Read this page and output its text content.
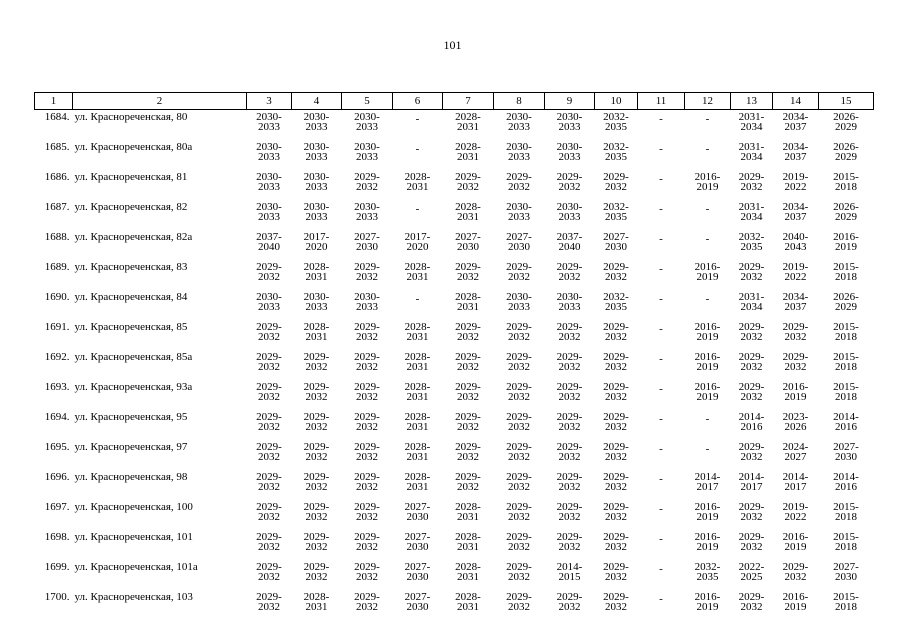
101
1	2	3	4	5	6	7	8	9	10	11	12	13	14	15
1684.	ул. Краснореченская, 80	2030-
2033	2030-
2033	2030-
2033	-	2028-
2031	2030-
2033	2030-
2033	2032-
2035	-	-	2031-
2034	2034-
2037	2026-
2029

1685.	ул. Краснореченская, 80а	2030-
2033	2030-
2033	2030-
2033	-	2028-
2031	2030-
2033	2030-
2033	2032-
2035	-	-	2031-
2034	2034-
2037	2026-
2029

1686.	ул. Краснореченская, 81	2030-
2033	2030-
2033	2029-
2032	2028-
2031	2029-
2032	2029-
2032	2029-
2032	2029-
2032	-	2016-
2019	2029-
2032	2019-
2022	2015-
2018

1687.	ул. Краснореченская, 82	2030-
2033	2030-
2033	2030-
2033	-	2028-
2031	2030-
2033	2030-
2033	2032-
2035	-	-	2031-
2034	2034-
2037	2026-
2029

1688.	ул. Краснореченская, 82а	2037-
2040	2017-
2020	2027-
2030	2017-
2020	2027-
2030	2027-
2030	2037-
2040	2027-
2030	-	-	2032-
2035	2040-
2043	2016-
2019

1689.	ул. Краснореченская, 83	2029-
2032	2028-
2031	2029-
2032	2028-
2031	2029-
2032	2029-
2032	2029-
2032	2029-
2032	-	2016-
2019	2029-
2032	2019-
2022	2015-
2018

1690.	ул. Краснореченская, 84	2030-
2033	2030-
2033	2030-
2033	-	2028-
2031	2030-
2033	2030-
2033	2032-
2035	-	-	2031-
2034	2034-
2037	2026-
2029

1691.	ул. Краснореченская, 85	2029-
2032	2028-
2031	2029-
2032	2028-
2031	2029-
2032	2029-
2032	2029-
2032	2029-
2032	-	2016-
2019	2029-
2032	2029-
2032	2015-
2018

1692.	ул. Краснореченская, 85а	2029-
2032	2029-
2032	2029-
2032	2028-
2031	2029-
2032	2029-
2032	2029-
2032	2029-
2032	-	2016-
2019	2029-
2032	2029-
2032	2015-
2018

1693.	ул. Краснореченская, 93а	2029-
2032	2029-
2032	2029-
2032	2028-
2031	2029-
2032	2029-
2032	2029-
2032	2029-
2032	-	2016-
2019	2029-
2032	2016-
2019	2015-
2018

1694.	ул. Краснореченская, 95	2029-
2032	2029-
2032	2029-
2032	2028-
2031	2029-
2032	2029-
2032	2029-
2032	2029-
2032	-	-	2014-
2016	2023-
2026	2014-
2016

1695.	ул. Краснореченская, 97	2029-
2032	2029-
2032	2029-
2032	2028-
2031	2029-
2032	2029-
2032	2029-
2032	2029-
2032	-	-	2029-
2032	2024-
2027	2027-
2030

1696.	ул. Краснореченская, 98	2029-
2032	2029-
2032	2029-
2032	2028-
2031	2029-
2032	2029-
2032	2029-
2032	2029-
2032	-	2014-
2017	2014-
2017	2014-
2017	2014-
2016

1697.	ул. Краснореченская, 100	2029-
2032	2029-
2032	2029-
2032	2027-
2030	2028-
2031	2029-
2032	2029-
2032	2029-
2032	-	2016-
2019	2029-
2032	2019-
2022	2015-
2018

1698.	ул. Краснореченская, 101	2029-
2032	2029-
2032	2029-
2032	2027-
2030	2028-
2031	2029-
2032	2029-
2032	2029-
2032	-	2016-
2019	2029-
2032	2016-
2019	2015-
2018

1699.	ул. Краснореченская, 101а	2029-
2032	2029-
2032	2029-
2032	2027-
2030	2028-
2031	2029-
2032	2014-
2015	2029-
2032	-	2032-
2035	2022-
2025	2029-
2032	2027-
2030

1700.	ул. Краснореченская, 103	2029-
2032	2028-
2031	2029-
2032	2027-
2030	2028-
2031	2029-
2032	2029-
2032	2029-
2032	-	2016-
2019	2029-
2032	2016-
2019	2015-
2018
